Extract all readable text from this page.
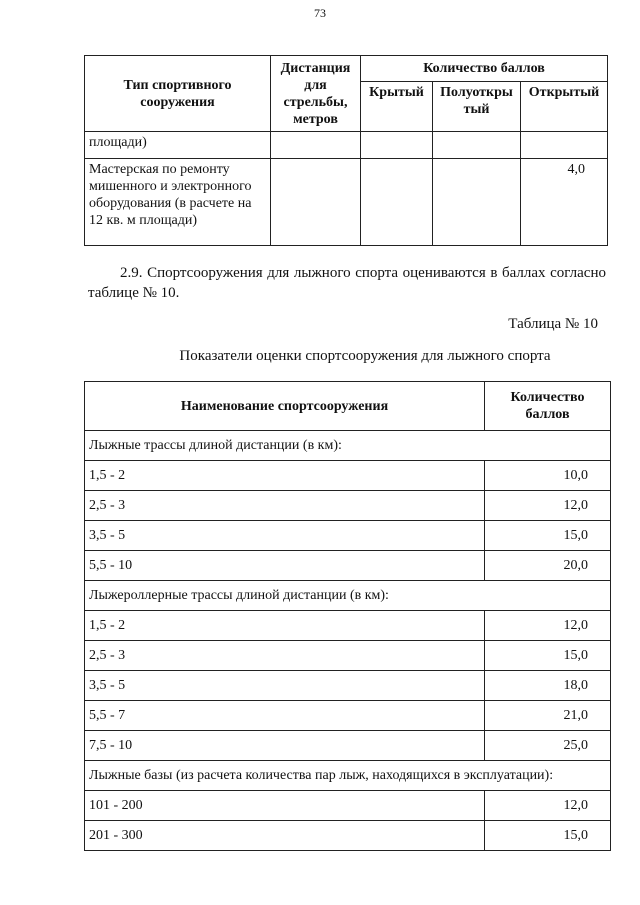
73
Тип спортивного сооружения	Дистанция для стрельбы, метров	Количество баллов		
		Крытый	Полуоткры тый	Открытый
площади)				
Мастерская по ремонту мишенного и электронного оборудования (в расчете на 12 кв. м площади)				4,0
2.9. Спортсооружения для лыжного спорта оцениваются в баллах согласно таблице № 10.
Таблица № 10
Показатели оценки спортсооружения для лыжного спорта
Наименование спортсооружения	Количество баллов
Лыжные трассы длиной дистанции (в км):	
1,5 - 2	10,0
2,5 - 3	12,0
3,5 - 5	15,0
5,5 - 10	20,0
Лыжероллерные трассы длиной дистанции (в км):	
1,5 - 2	12,0
2,5 - 3	15,0
3,5 - 5	18,0
5,5 - 7	21,0
7,5 - 10	25,0
Лыжные базы (из расчета количества пар лыж, находящихся в эксплуатации):	
101 - 200	12,0
201 - 300	15,0
